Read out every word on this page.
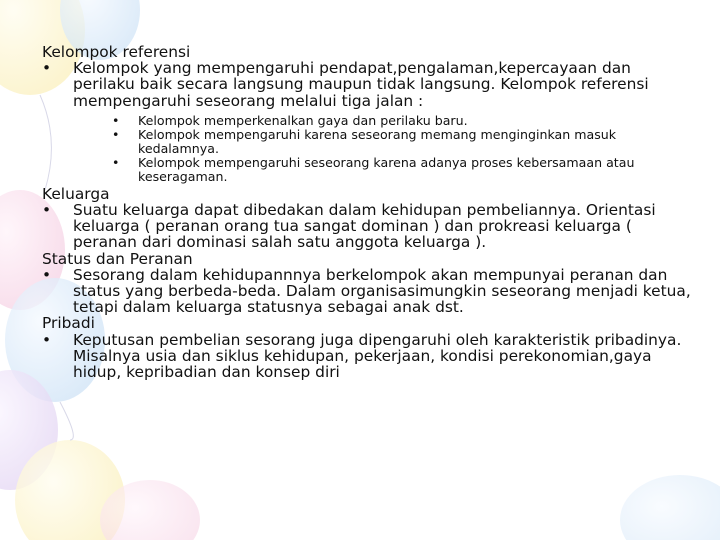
Kelompok referensi

•	Kelompok yang mempengaruhi pendapat,pengalaman,kepercayaan dan perilaku baik secara langsung maupun tidak langsung. Kelompok referensi mempengaruhi seseorang melalui tiga jalan :

• Kelompok memperkenalkan gaya dan perilaku baru.

• Kelompok mempengaruhi karena seseorang memang menginginkan masuk kedalamnya.

• Kelompok mempengaruhi seseorang karena adanya proses kebersamaan atau keseragaman.

Keluarga

•	Suatu keluarga dapat dibedakan dalam kehidupan pembeliannya. Orientasi keluarga ( peranan orang tua sangat dominan ) dan prokreasi keluarga ( peranan dari dominasi salah satu anggota keluarga ).

Status dan Peranan

•	Sesorang dalam kehidupannnya berkelompok akan mempunyai peranan dan status yang berbeda-beda. Dalam organisasimungkin seseorang menjadi ketua, tetapi dalam keluarga statusnya sebagai anak dst.

Pribadi

•	Keputusan pembelian sesorang juga dipengaruhi oleh karakteristik pribadinya. Misalnya usia dan siklus kehidupan, pekerjaan, kondisi perekonomian,gaya hidup, kepribadian dan konsep diri
